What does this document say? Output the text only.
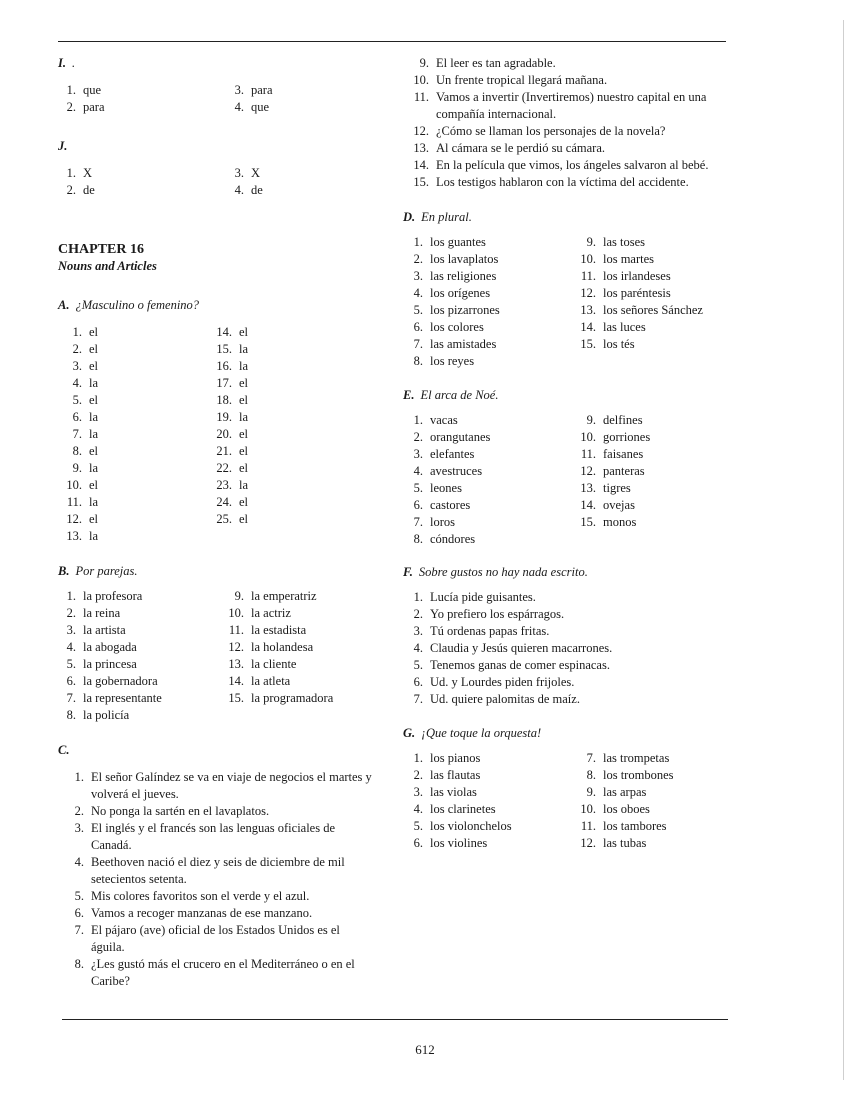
I. .
1. que
2. para
3. para
4. que
J.
1. X
2. de
3. X
4. de
CHAPTER 16
Nouns and Articles
A. ¿Masculino o femenino?
1. el
2. el
3. el
4. la
5. el
6. la
7. la
8. el
9. la
10. el
11. la
12. el
13. la
14. el
15. la
16. la
17. el
18. el
19. la
20. el
21. el
22. el
23. la
24. el
25. el
B. Por parejas.
1. la profesora
2. la reina
3. la artista
4. la abogada
5. la princesa
6. la gobernadora
7. la representante
8. la policía
9. la emperatriz
10. la actriz
11. la estadista
12. la holandesa
13. la cliente
14. la atleta
15. la programadora
C.
1. El señor Galíndez se va en viaje de negocios el martes y volverá el jueves.
2. No ponga la sartén en el lavaplatos.
3. El inglés y el francés son las lenguas oficiales de Canadá.
4. Beethoven nació el diez y seis de diciembre de mil setecientos setenta.
5. Mis colores favoritos son el verde y el azul.
6. Vamos a recoger manzanas de ese manzano.
7. El pájaro (ave) oficial de los Estados Unidos es el águila.
8. ¿Les gustó más el crucero en el Mediterráneo o en el Caribe?
9. El leer es tan agradable.
10. Un frente tropical llegará mañana.
11. Vamos a invertir (Invertiremos) nuestro capital en una compañía internacional.
12. ¿Cómo se llaman los personajes de la novela?
13. Al cámara se le perdió su cámara.
14. En la película que vimos, los ángeles salvaron al bebé.
15. Los testigos hablaron con la víctima del accidente.
D. En plural.
1. los guantes
2. los lavaplatos
3. las religiones
4. los orígenes
5. los pizarrones
6. los colores
7. las amistades
8. los reyes
9. las toses
10. los martes
11. los irlandeses
12. los paréntesis
13. los señores Sánchez
14. las luces
15. los tés
E. El arca de Noé.
1. vacas
2. orangutanes
3. elefantes
4. avestruces
5. leones
6. castores
7. loros
8. cóndores
9. delfines
10. gorriones
11. faisanes
12. panteras
13. tigres
14. ovejas
15. monos
F. Sobre gustos no hay nada escrito.
1. Lucía pide guisantes.
2. Yo prefiero los espárragos.
3. Tú ordenas papas fritas.
4. Claudia y Jesús quieren macarrones.
5. Tenemos ganas de comer espinacas.
6. Ud. y Lourdes piden frijoles.
7. Ud. quiere palomitas de maíz.
G. ¡Que toque la orquesta!
1. los pianos
2. las flautas
3. las violas
4. los clarinetes
5. los violonchelos
6. los violines
7. las trompetas
8. los trombones
9. las arpas
10. los oboes
11. los tambores
12. las tubas
612
